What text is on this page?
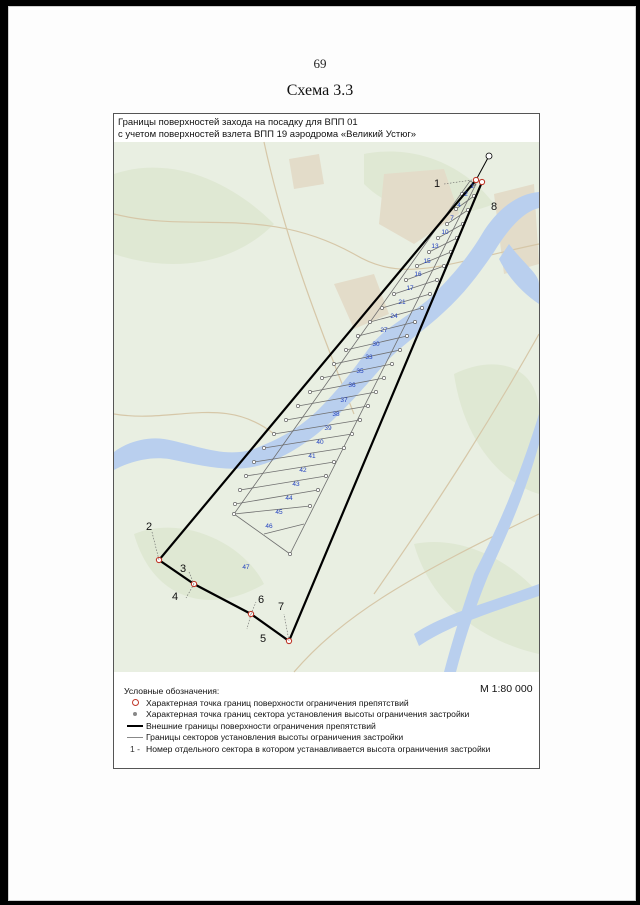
69
Схема 3.3
Границы поверхностей захода на посадку для ВПП 01
с учетом поверхностей взлета ВПП 19 аэродрома «Великий Устюг»
1
2
3
4
5
6
7
8
1
2
4
7
10
13
15
16
17
21
24
27
30
33
35
36
37
38
39
40
41
42
43
44
45
46
47
М 1:80 000
Условные обозначения:
Характерная точка границ поверхности ограничения препятствий
Характерная точка границ сектора установления высоты ограничения застройки
Внешние границы поверхности ограничения препятствий
Границы секторов установления высоты ограничения застройки
1 - Номер отдельного сектора в котором устанавливается высота ограничения застройки
